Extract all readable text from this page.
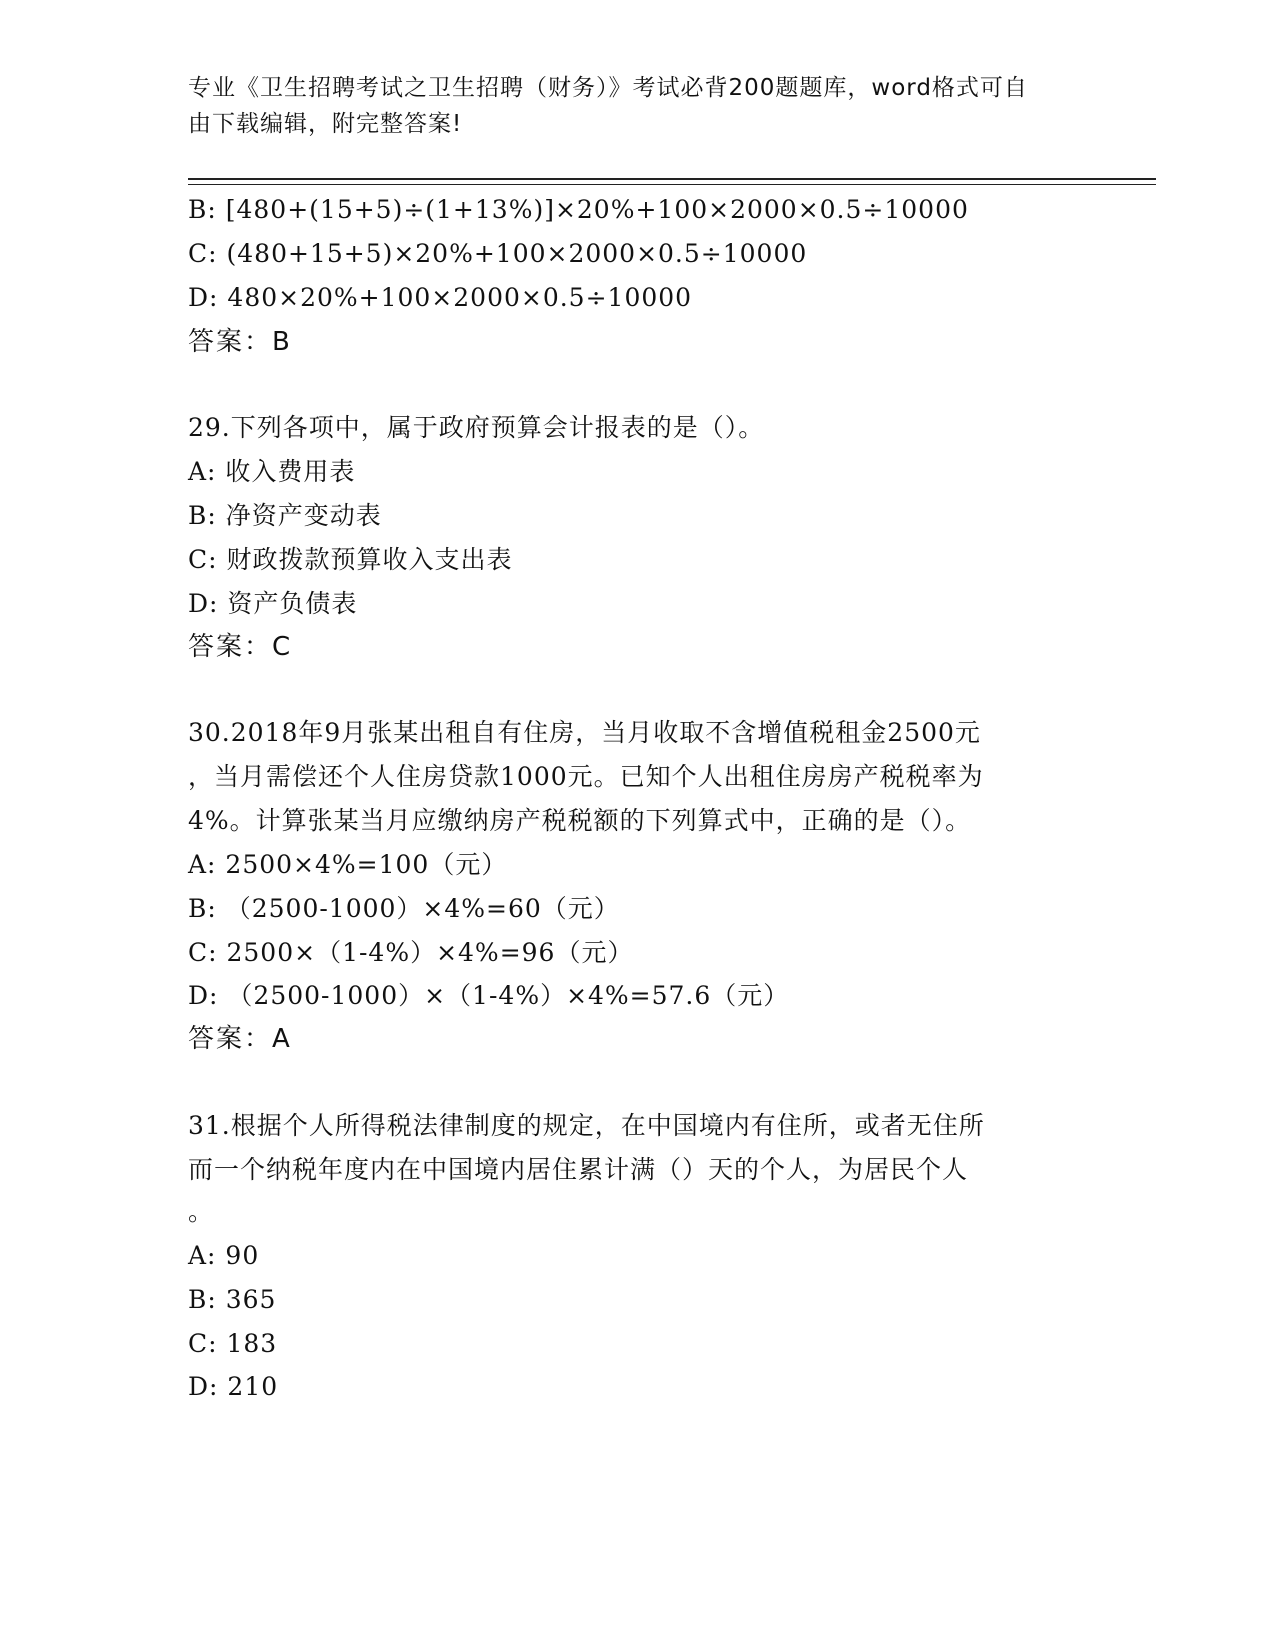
专业《卫生招聘考试之卫生招聘（财务）》考试必背200题题库，word格式可自
由下载编辑，附完整答案!
B: [480+(15+5)÷(1+13%)]×20%+100×2000×0.5÷10000
C: (480+15+5)×20%+100×2000×0.5÷10000
D: 480×20%+100×2000×0.5÷10000
答案：B
29.下列各项中，属于政府预算会计报表的是（）。
A: 收入费用表
B: 净资产变动表
C: 财政拨款预算收入支出表
D: 资产负债表
答案：C
30.2018年9月张某出租自有住房，当月收取不含增值税租金2500元
，当月需偿还个人住房贷款1000元。已知个人出租住房房产税税率为
4%。计算张某当月应缴纳房产税税额的下列算式中，正确的是（）。
A: 2500×4%=100（元）
B: （2500-1000）×4%=60（元）
C: 2500×（1-4%）×4%=96（元）
D: （2500-1000）×（1-4%）×4%=57.6（元）
答案：A
31.根据个人所得税法律制度的规定，在中国境内有住所，或者无住所
而一个纳税年度内在中国境内居住累计满（）天的个人，为居民个人
。
A: 90
B: 365
C: 183
D: 210
